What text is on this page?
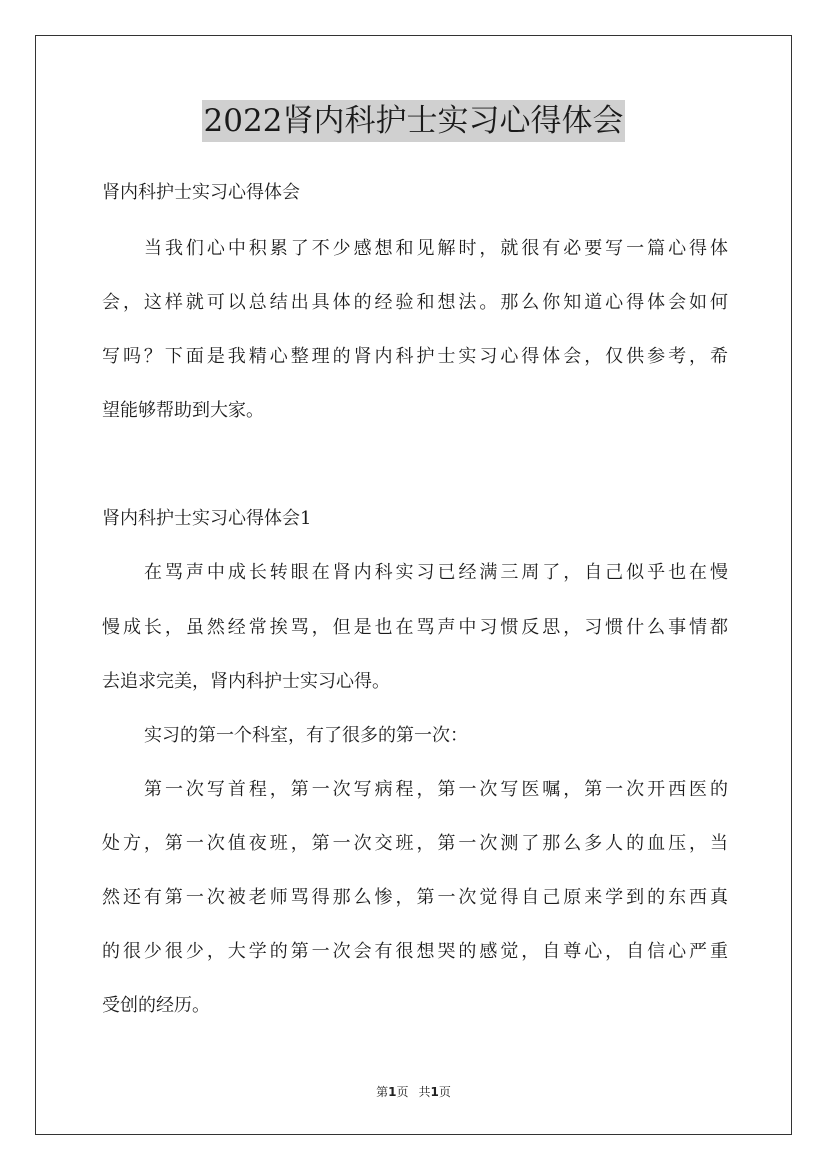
2022肾内科护士实习心得体会
肾内科护士实习心得体会
当我们心中积累了不少感想和见解时，就很有必要写一篇心得体
会，这样就可以总结出具体的经验和想法。那么你知道心得体会如何
写吗？下面是我精心整理的肾内科护士实习心得体会，仅供参考，希
望能够帮助到大家。
肾内科护士实习心得体会1
在骂声中成长转眼在肾内科实习已经满三周了，自己似乎也在慢
慢成长，虽然经常挨骂，但是也在骂声中习惯反思，习惯什么事情都
去追求完美，肾内科护士实习心得。
实习的第一个科室，有了很多的第一次：
第一次写首程，第一次写病程，第一次写医嘱，第一次开西医的
处方，第一次值夜班，第一次交班，第一次测了那么多人的血压，当
然还有第一次被老师骂得那么惨，第一次觉得自己原来学到的东西真
的很少很少，大学的第一次会有很想哭的感觉，自尊心，自信心严重
受创的经历。
第1页 共1页
